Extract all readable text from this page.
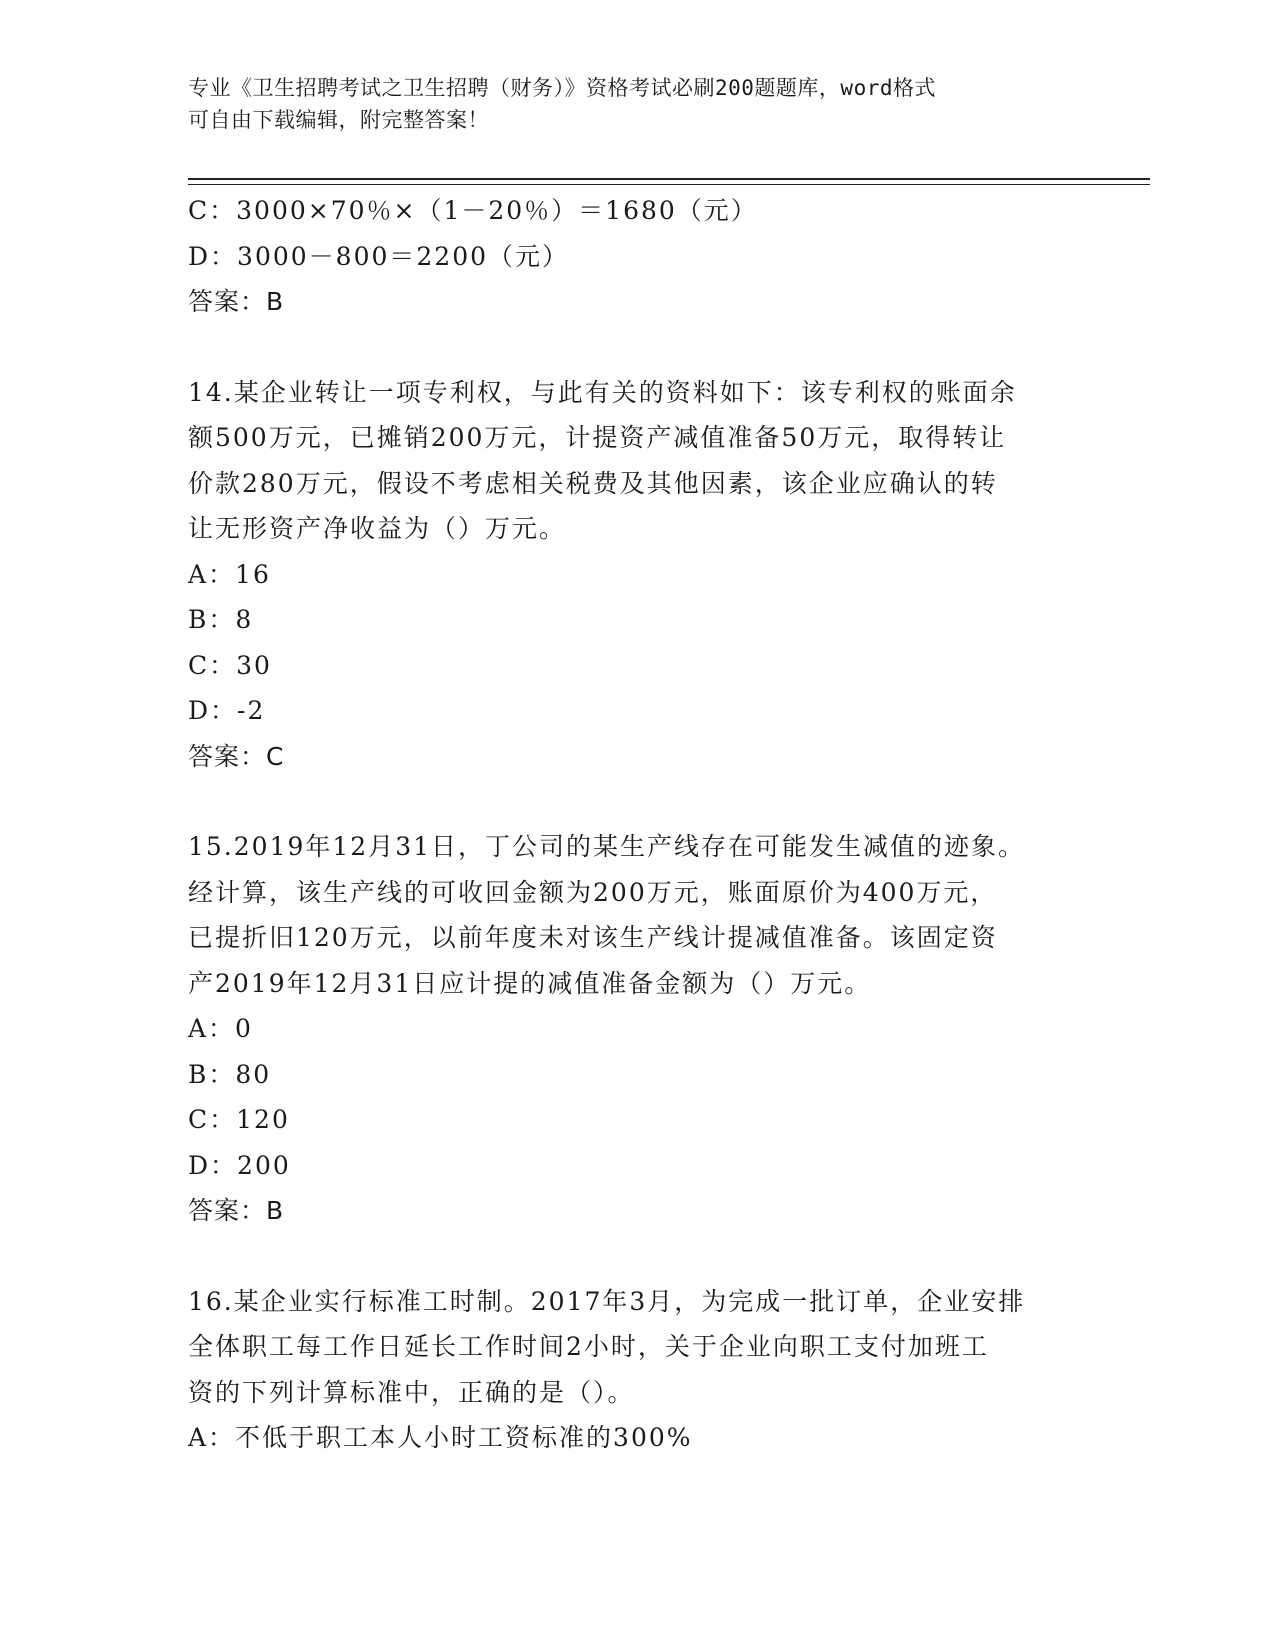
专业《卫生招聘考试之卫生招聘（财务）》资格考试必刷200题题库，word格式
可自由下载编辑，附完整答案！
C：3000×70％×（1－20％）＝1680（元）
D：3000－800＝2200（元）
答案：B
14.某企业转让一项专利权，与此有关的资料如下：该专利权的账面余
额500万元，已摊销200万元，计提资产减值准备50万元，取得转让
价款280万元，假设不考虑相关税费及其他因素，该企业应确认的转
让无形资产净收益为（）万元。
A：16
B：8
C：30
D：-2
答案：C
15.2019年12月31日，丁公司的某生产线存在可能发生减值的迹象。
经计算，该生产线的可收回金额为200万元，账面原价为400万元，
已提折旧120万元，以前年度未对该生产线计提减值准备。该固定资
产2019年12月31日应计提的减值准备金额为（）万元。
A：0
B：80
C：120
D：200
答案：B
16.某企业实行标准工时制。2017年3月，为完成一批订单，企业安排
全体职工每工作日延长工作时间2小时，关于企业向职工支付加班工
资的下列计算标准中，正确的是（）。
A：不低于职工本人小时工资标准的300%
